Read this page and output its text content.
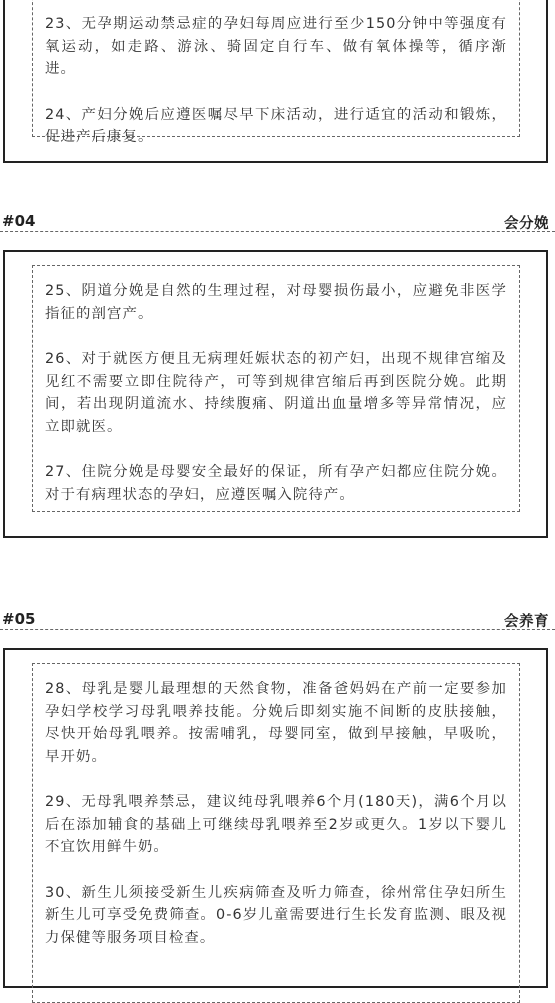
23、无孕期运动禁忌症的孕妇每周应进行至少150分钟中等强度有氧运动，如走路、游泳、骑固定自行车、做有氧体操等，循序渐进。

24、产妇分娩后应遵医嘱尽早下床活动，进行适宜的活动和锻炼，促进产后康复。

#04	会分娩

25、阴道分娩是自然的生理过程，对母婴损伤最小，应避免非医学指征的剖宫产。

26、对于就医方便且无病理妊娠状态的初产妇，出现不规律宫缩及见红不需要立即住院待产，可等到规律宫缩后再到医院分娩。此期间，若出现阴道流水、持续腹痛、阴道出血量增多等异常情况，应立即就医。

27、住院分娩是母婴安全最好的保证，所有孕产妇都应住院分娩。对于有病理状态的孕妇，应遵医嘱入院待产。

#05	会养育

28、母乳是婴儿最理想的天然食物，准备爸妈妈在产前一定要参加孕妇学校学习母乳喂养技能。分娩后即刻实施不间断的皮肤接触，尽快开始母乳喂养。按需哺乳，母婴同室，做到早接触，早吸吮，早开奶。

29、无母乳喂养禁忌，建议纯母乳喂养6个月(180天)，满6个月以后在添加辅食的基础上可继续母乳喂养至2岁或更久。1岁以下婴儿不宜饮用鲜牛奶。

30、新生儿须接受新生儿疾病筛查及听力筛查，徐州常住孕妇所生新生儿可享受免费筛查。0-6岁儿童需要进行生长发育监测、眼及视力保健等服务项目检查。
